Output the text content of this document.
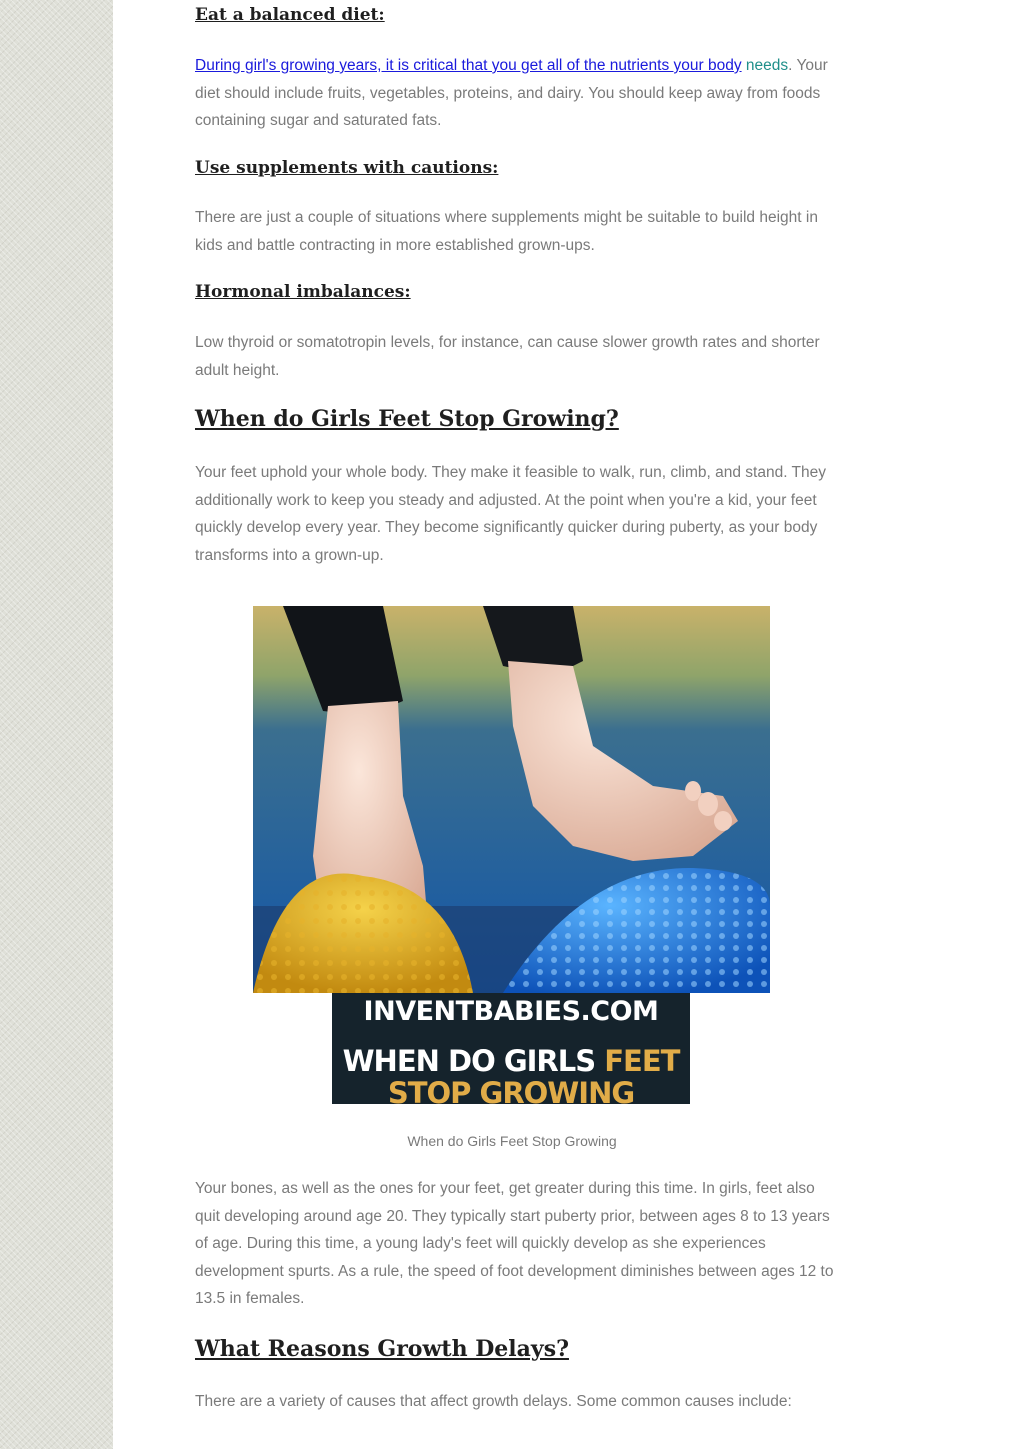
Eat a balanced diet:

During girl's growing years, it is critical that you get all of the nutrients your body needs. Your diet should include fruits, vegetables, proteins, and dairy. You should keep away from foods containing sugar and saturated fats.

Use supplements with cautions:

There are just a couple of situations where supplements might be suitable to build height in kids and battle contracting in more established grown-ups.

Hormonal imbalances:

Low thyroid or somatotropin levels, for instance, can cause slower growth rates and shorter adult height.

When do Girls Feet Stop Growing?

Your feet uphold your whole body. They make it feasible to walk, run, climb, and stand. They additionally work to keep you steady and adjusted. At the point when you're a kid, your feet quickly develop every year. They become significantly quicker during puberty, as your body transforms into a grown-up.

Your bones, as well as the ones for your feet, get greater during this time. In girls, feet also quit developing around age 20. They typically start puberty prior, between ages 8 to 13 years of age. During this time, a young lady's feet will quickly develop as she experiences development spurts. As a rule, the speed of foot development diminishes between ages 12 to 13.5 in females.

What Reasons Growth Delays?

There are a variety of causes that affect growth delays. Some common causes include:

INVENTBABIES.COM
WHEN DO GIRLS FEET
STOP GROWING
When do Girls Feet Stop Growing
